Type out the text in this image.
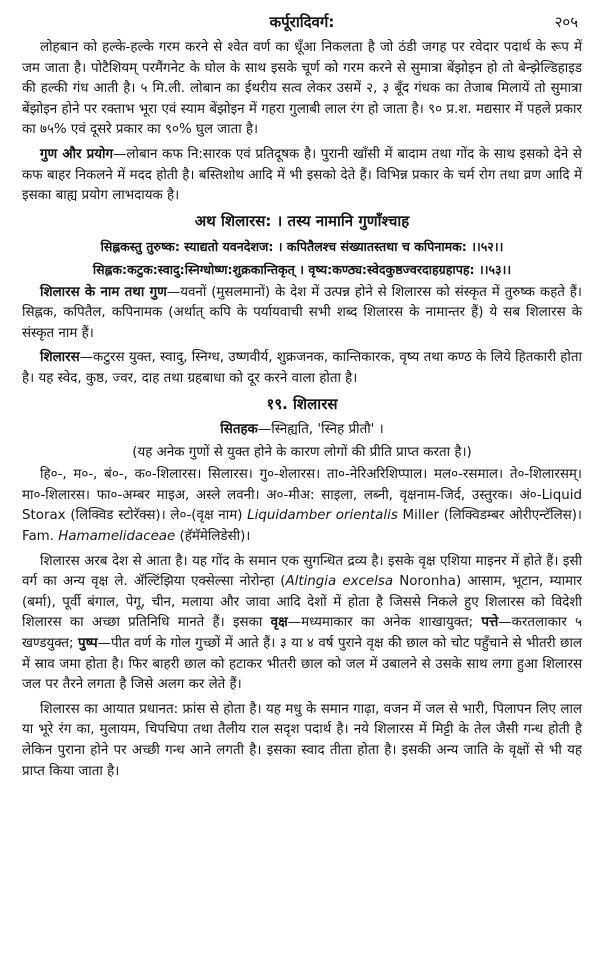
कर्पूरादिवर्ग:	२०५

लोहबान को हल्के-हल्के गरम करने से श्वेत वर्ण का धूँआ निकलता है जो ठंडी जगह पर रवेदार पदार्थ के रूप में जम जाता है। पोटैशियम् परमैंगनेट के घोल के साथ इसके चूर्ण को गरम करने से सुमात्रा बेंझोइन हो तो बेन्झेल्डिहाइड की हल्की गंध आती है। ५ मि.ली. लोबान का ईथरीय सत्व लेकर उसमें २, ३ बूँद गंधक का तेजाब मिलायें तो सुमात्रा बेंझोइन होने पर रक्ताभ भूरा एवं स्याम बेंझोइन में गहरा गुलाबी लाल रंग हो जाता है। ९० प्र.श. मद्यसार में पहले प्रकार का ७५% एवं दूसरे प्रकार का ९०% घुल जाता है।

गुण और प्रयोग—लोबान कफ नि:सारक एवं प्रतिदूषक है। पुरानी खाँसी में बादाम तथा गोंद के साथ इसको देने से कफ बाहर निकलने में मदद होती है। बस्तिशोथ आदि में भी इसको देते हैं। विभिन्न प्रकार के चर्म रोग तथा व्रण आदि में इसका बाह्य प्रयोग लाभदायक है।

अथ शिलारस: । तस्य नामानि गुणाँश्चाह
सिह्लकस्तु तुरुष्क: स्याद्यतो यवनदेशज: । कपितैलश्च संख्यातस्तथा च कपिनामक: ।।५२।।
सिह्लक:कटुक:स्वादु:स्निग्धोष्ण:शुक्रकान्तिकृत् । वृष्य:कण्ठ्य:स्वेदकुष्ठज्वरदाहग्रहापह: ।।५३।।

शिलारस के नाम तथा गुण—यवनों (मुसलमानों) के देश में उत्पन्न होने से शिलारस को संस्कृत में तुरुष्क कहते हैं। सिह्लक, कपितैल, कपिनामक (अर्थात् कपि के पर्यायवाची सभी शब्द शिलारस के नामान्तर हैं) ये सब शिलारस के संस्कृत नाम हैं।

शिलारस—कटुरस युक्त, स्वादु, स्निग्ध, उष्णवीर्य, शुक्रजनक, कान्तिकारक, वृष्य तथा कण्ठ के लिये हितकारी होता है। यह स्वेद, कुष्ठ, ज्वर, दाह तथा ग्रहबाधा को दूर करने वाला होता है।

१९. शिलारस
सितहक—स्निह्यति, 'स्निह प्रीतौ' ।
(यह अनेक गुणों से युक्त होने के कारण लोगों की प्रीति प्राप्त करता है।)

हि०-, म०-, बं०-, क०-शिलारस। सिलारस। गु०-शेलारस। ता०-नेरिअरिशिप्पाल। मल०-रसमाल। ते०-शिलारसम्। मा०-शिलारस। फा०-अम्बर माइअ, अस्ले लवनी। अ०-मीअ: साइला, लब्नी, वृक्षनाम-जिर्द, उस्तुरक। अं०-Liquid Storax (लिक्विड स्टोरॅक्स)। ले०-(वृक्ष नाम) Liquidamber orientalis Miller (लिक्विडम्बर ओरीएन्टॅलिस)। Fam. Hamamelidaceae (हॅमॅमेलिडेसी)।

शिलारस अरब देश से आता है। यह गोंद के समान एक सुगन्धित द्रव्य है। इसके वृक्ष एशिया माइनर में होते हैं। इसी वर्ग का अन्य वृक्ष ले. ॲल्टिंझिया एक्सेल्सा नोरोन्हा (Altingia excelsa Noronha) आसाम, भूटान, म्यामार (बर्मा), पूर्वी बंगाल, पेगू, चीन, मलाया और जावा आदि देशों में होता है जिससे निकले हुए शिलारस को विदेशी शिलारस का अच्छा प्रतिनिधि मानते हैं। इसका वृक्ष—मध्यमाकार का अनेक शाखायुक्त; पत्ते—करतलाकार ५ खण्डयुक्त; पुष्प—पीत वर्ण के गोल गुच्छों में आते हैं। ३ या ४ वर्ष पुराने वृक्ष की छाल को चोट पहुँचाने से भीतरी छाल में स्राव जमा होता है। फिर बाहरी छाल को हटाकर भीतरी छाल को जल में उबालने से उसके साथ लगा हुआ शिलारस जल पर तैरने लगता है जिसे अलग कर लेते हैं।

शिलारस का आयात प्रधानत: फ्रांस से होता है। यह मधु के समान गाढ़ा, वजन में जल से भारी, पिलापन लिए लाल या भूरे रंग का, मुलायम, चिपचिपा तथा तैलीय राल सदृश पदार्थ है। नये शिलारस में मिट्टी के तेल जैसी गन्ध होती है लेकिन पुराना होने पर अच्छी गन्ध आने लगती है। इसका स्वाद तीता होता है। इसकी अन्य जाति के वृक्षों से भी यह प्राप्त किया जाता है।
